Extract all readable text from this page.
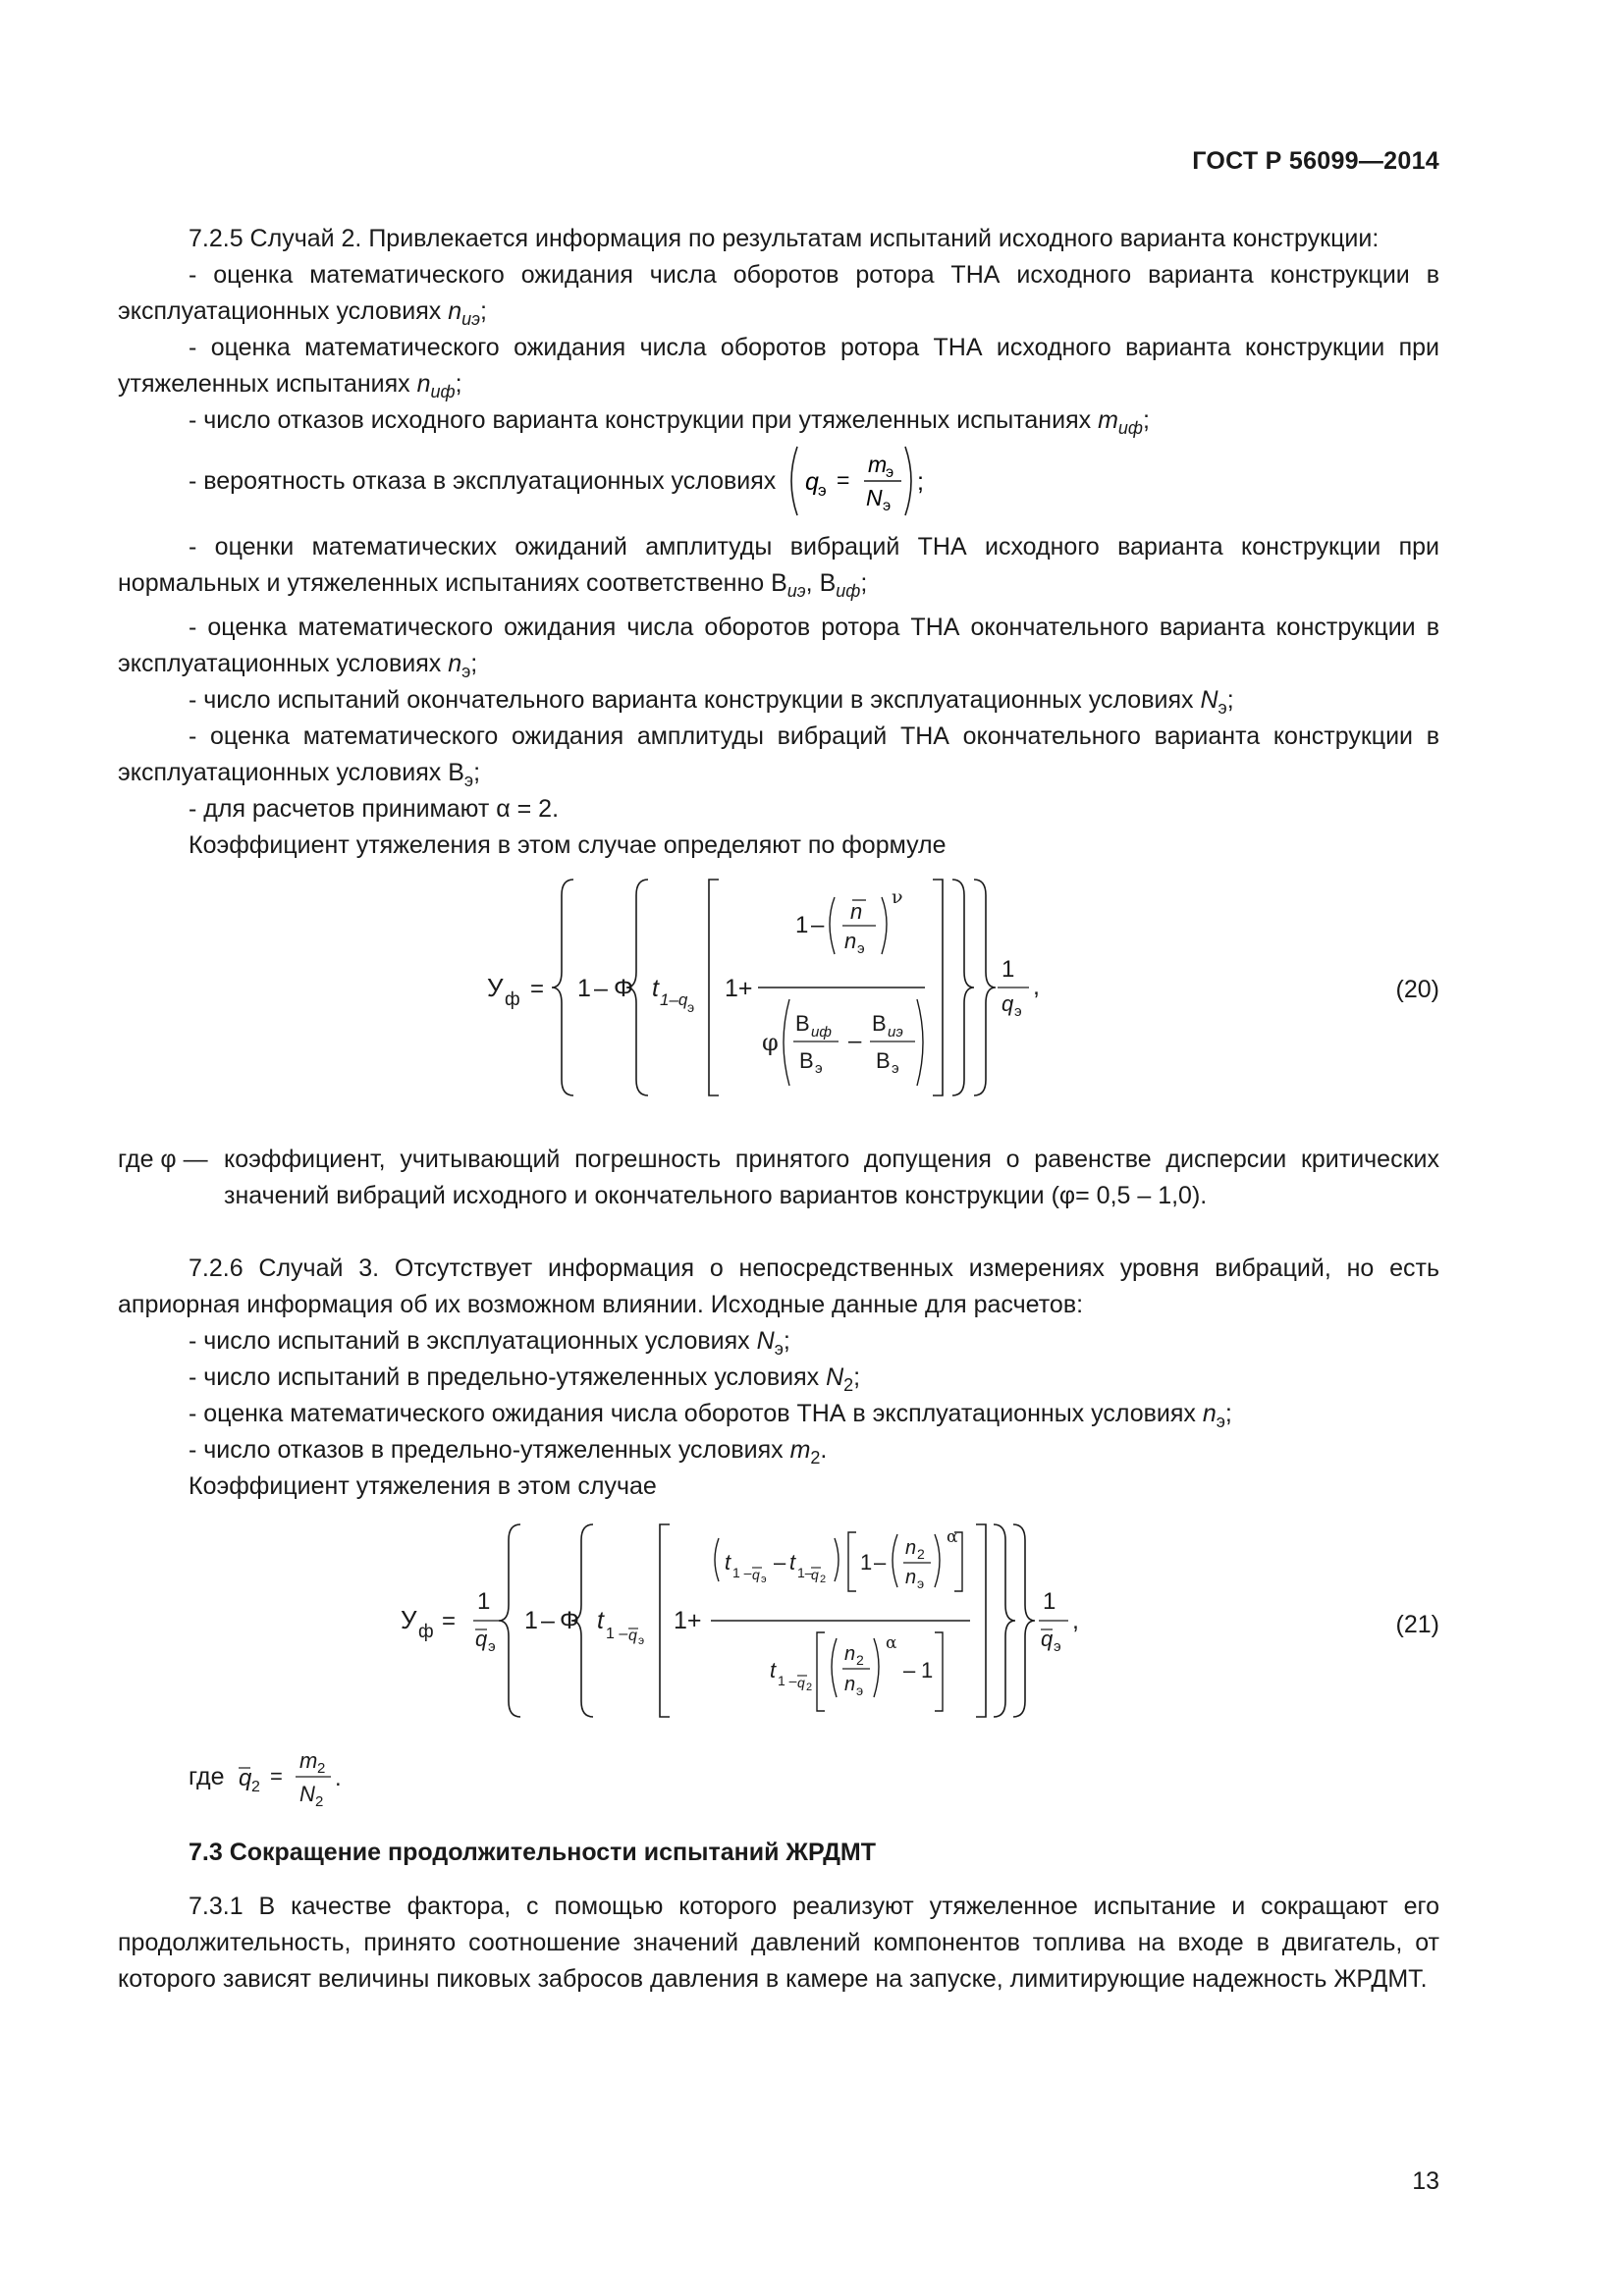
ГОСТ Р 56099—2014

7.2.5 Случай 2. Привлекается информация по результатам испытаний исходного варианта конструкции:

- оценка математического ожидания числа оборотов ротора ТНА исходного варианта конструкции в эксплуатационных условиях $n_{иэ}$;

- оценка математического ожидания числа оборотов ротора ТНА исходного варианта конструкции при утяжеленных испытаниях $n_{иф}$;

- число отказов исходного варианта конструкции при утяжеленных испытаниях $m_{иф}$;

- вероятность отказа в эксплуатационных условиях q э =
m
э
N э
;

- оценки математических ожиданий амплитуды вибраций ТНА исходного варианта конструкции при нормальных и утяжеленных испытаниях соответственно $В_{иэ}$, $В_{иф}$;

- оценка математического ожидания числа оборотов ротора ТНА окончательного варианта конструкции в эксплуатационных условиях $n_э$;

- число испытаний окончательного варианта конструкции в эксплуатационных условиях $N_э$;

- оценка математического ожидания амплитуды вибраций ТНА окончательного варианта конструкции в эксплуатационных условиях $В_э$;

- для расчетов принимают α = 2.

Коэффициент утяжеления в этом случае определяют по формуле

У ф = 1 – Φ t 1–q э
1+
1 –
n
n э
ν
φ
В иф
В э
–
В иэ
В э
1
q э
,	(20)
где φ — коэффициент, учитывающий погрешность принятого допущения о равенстве дисперсии критических значений вибраций исходного и окончательного вариантов конструкции (φ= 0,5 – 1,0).

7.2.6 Случай 3. Отсутствует информация о непосредственных измерениях уровня вибраций, но есть априорная информация об их возможном влиянии. Исходные данные для расчетов:

- число испытаний в эксплуатационных условиях $N_э$;

- число испытаний в предельно-утяжеленных условиях $N_2$;

- оценка математического ожидания числа оборотов ТНА в эксплуатационных условиях $n_э$;

- число отказов в предельно-утяжеленных условиях $m_2$.

Коэффициент утяжеления в этом случае

У ф =
1
q э
1 – Φ t 1 – q э
1+
t 1 – q э
– t 1–
q 2
1 –
n 2
n э
α
t 1 – q 2
n 2
n э
α
– 1
1
q э
,	(21)
где q 2 =
m 2
N 2
.

7.3 Сокращение продолжительности испытаний ЖРДМТ

7.3.1 В качестве фактора, с помощью которого реализуют утяжеленное испытание и сокращают его продолжительность, принято соотношение значений давлений компонентов топлива на входе в двигатель, от которого зависят величины пиковых забросов давления в камере на запуске, лимитирующие надежность ЖРДМТ.

13
